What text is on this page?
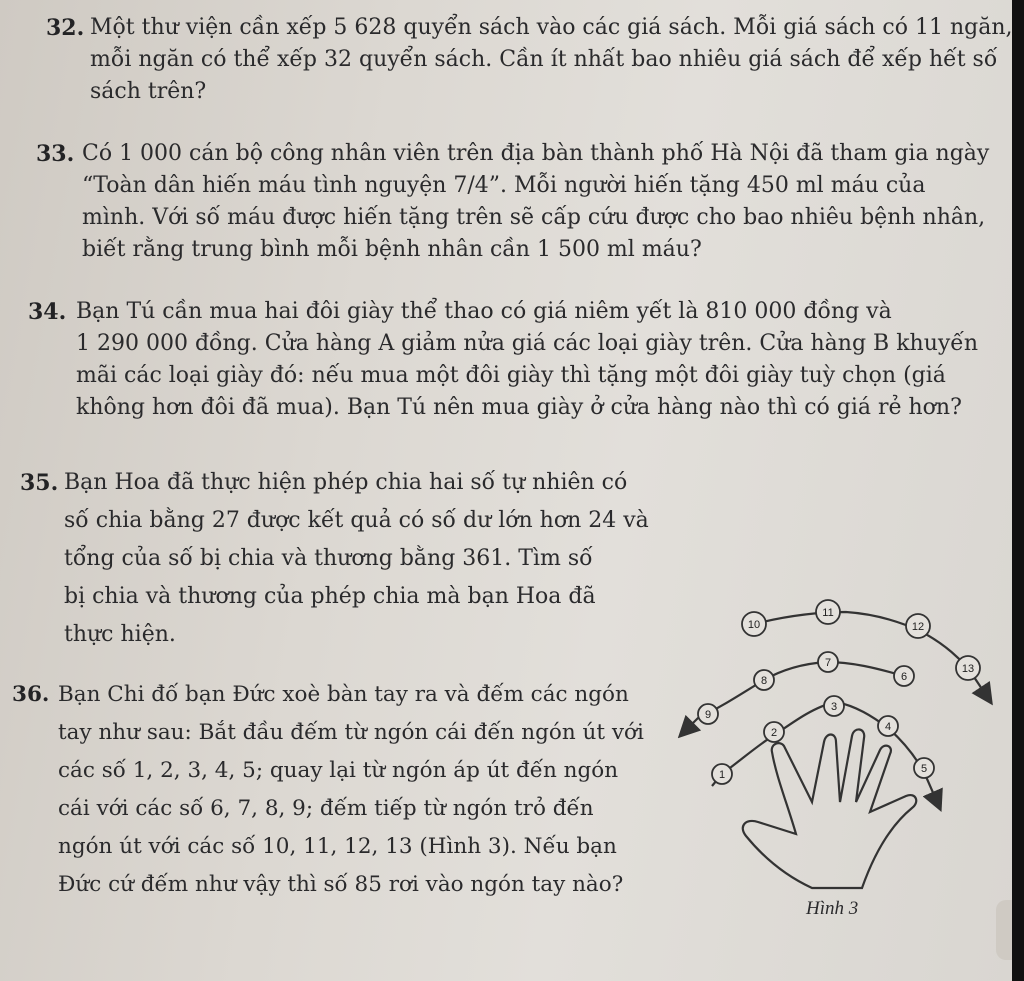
32. Một thư viện cần xếp 5 628 quyển sách vào các giá sách. Mỗi giá sách có 11 ngăn,
mỗi ngăn có thể xếp 32 quyển sách. Cần ít nhất bao nhiêu giá sách để xếp hết số
sách trên?
33. Có 1 000 cán bộ công nhân viên trên địa bàn thành phố Hà Nội đã tham gia ngày
“Toàn dân hiến máu tình nguyện 7/4”. Mỗi người hiến tặng 450 ml máu của
mình. Với số máu được hiến tặng trên sẽ cấp cứu được cho bao nhiêu bệnh nhân,
biết rằng trung bình mỗi bệnh nhân cần 1 500 ml máu?
34. Bạn Tú cần mua hai đôi giày thể thao có giá niêm yết là 810 000 đồng và
1 290 000 đồng. Cửa hàng A giảm nửa giá các loại giày trên. Cửa hàng B khuyến
mãi các loại giày đó: nếu mua một đôi giày thì tặng một đôi giày tuỳ chọn (giá
không hơn đôi đã mua). Bạn Tú nên mua giày ở cửa hàng nào thì có giá rẻ hơn?
35. Bạn Hoa đã thực hiện phép chia hai số tự nhiên có
số chia bằng 27 được kết quả có số dư lớn hơn 24 và
tổng của số bị chia và thương bằng 361. Tìm số
bị chia và thương của phép chia mà bạn Hoa đã
thực hiện.
36. Bạn Chi đố bạn Đức xoè bàn tay ra và đếm các ngón
tay như sau: Bắt đầu đếm từ ngón cái đến ngón út với
các số 1, 2, 3, 4, 5; quay lại từ ngón áp út đến ngón
cái với các số 6, 7, 8, 9; đếm tiếp từ ngón trỏ đến
ngón út với các số 10, 11, 12, 13 (Hình 3). Nếu bạn
Đức cứ đếm như vậy thì số 85 rơi vào ngón tay nào?
1
2
3
4
5
6
7
8
9
10
11
12
13
Hình 3
